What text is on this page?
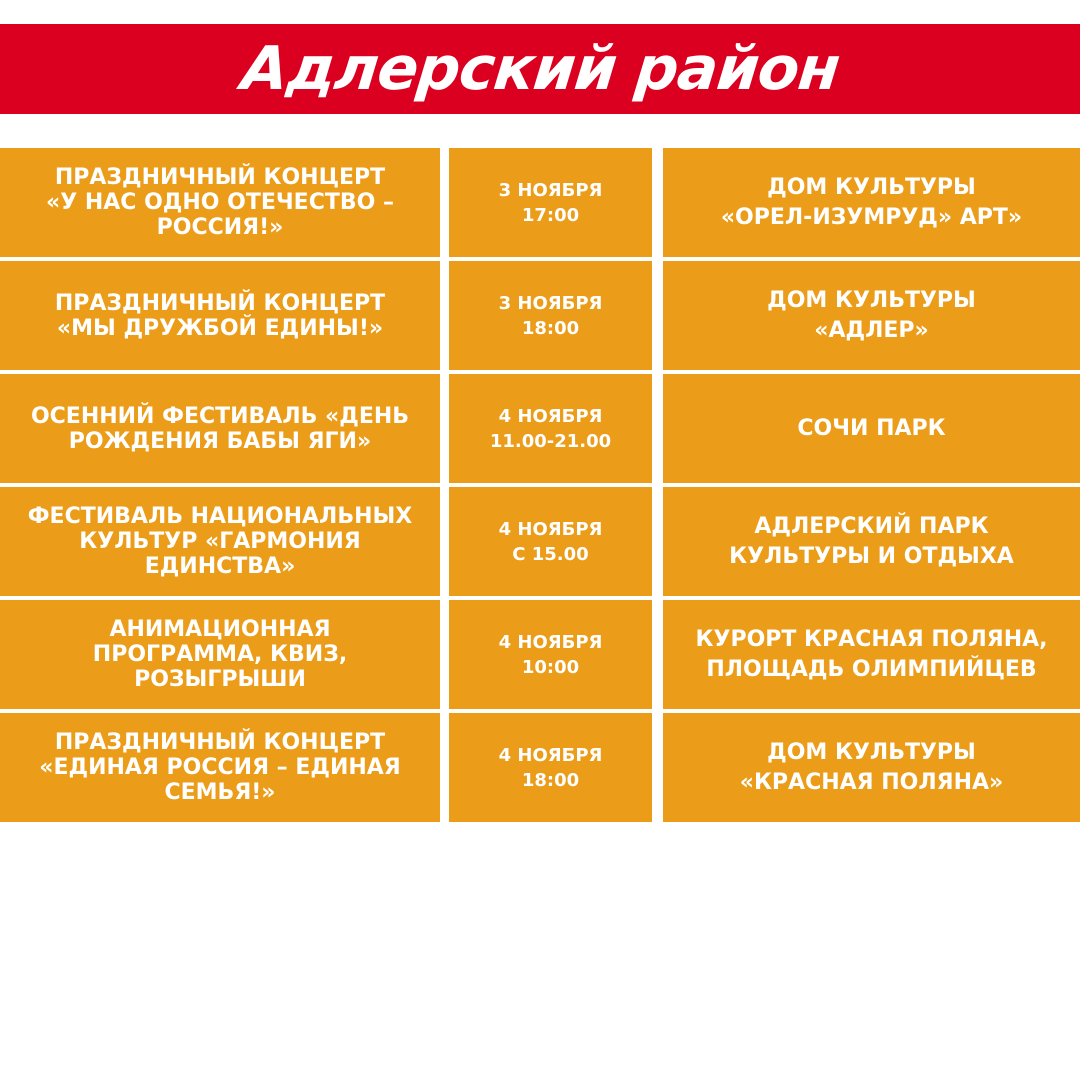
Адлерский район
ПРАЗДНИЧНЫЙ КОНЦЕРТ
«У НАС ОДНО ОТЕЧЕСТВО –
РОССИЯ!»
3 НОЯБРЯ
17:00
ДОМ КУЛЬТУРЫ
«ОРЕЛ-ИЗУМРУД» АРТ»
ПРАЗДНИЧНЫЙ КОНЦЕРТ
«МЫ ДРУЖБОЙ ЕДИНЫ!»
3 НОЯБРЯ
18:00
ДОМ КУЛЬТУРЫ
«АДЛЕР»
ОСЕННИЙ ФЕСТИВАЛЬ «ДЕНЬ
РОЖДЕНИЯ БАБЫ ЯГИ»
4 НОЯБРЯ
11.00-21.00
СОЧИ ПАРК
ФЕСТИВАЛЬ НАЦИОНАЛЬНЫХ
КУЛЬТУР «ГАРМОНИЯ
ЕДИНСТВА»
4 НОЯБРЯ
С 15.00
АДЛЕРСКИЙ ПАРК
КУЛЬТУРЫ И ОТДЫХА
АНИМАЦИОННАЯ
ПРОГРАММА, КВИЗ,
РОЗЫГРЫШИ
4 НОЯБРЯ
10:00
КУРОРТ КРАСНАЯ ПОЛЯНА,
ПЛОЩАДЬ ОЛИМПИЙЦЕВ
ПРАЗДНИЧНЫЙ КОНЦЕРТ
«ЕДИНАЯ РОССИЯ – ЕДИНАЯ
СЕМЬЯ!»
4 НОЯБРЯ
18:00
ДОМ КУЛЬТУРЫ
«КРАСНАЯ ПОЛЯНА»
